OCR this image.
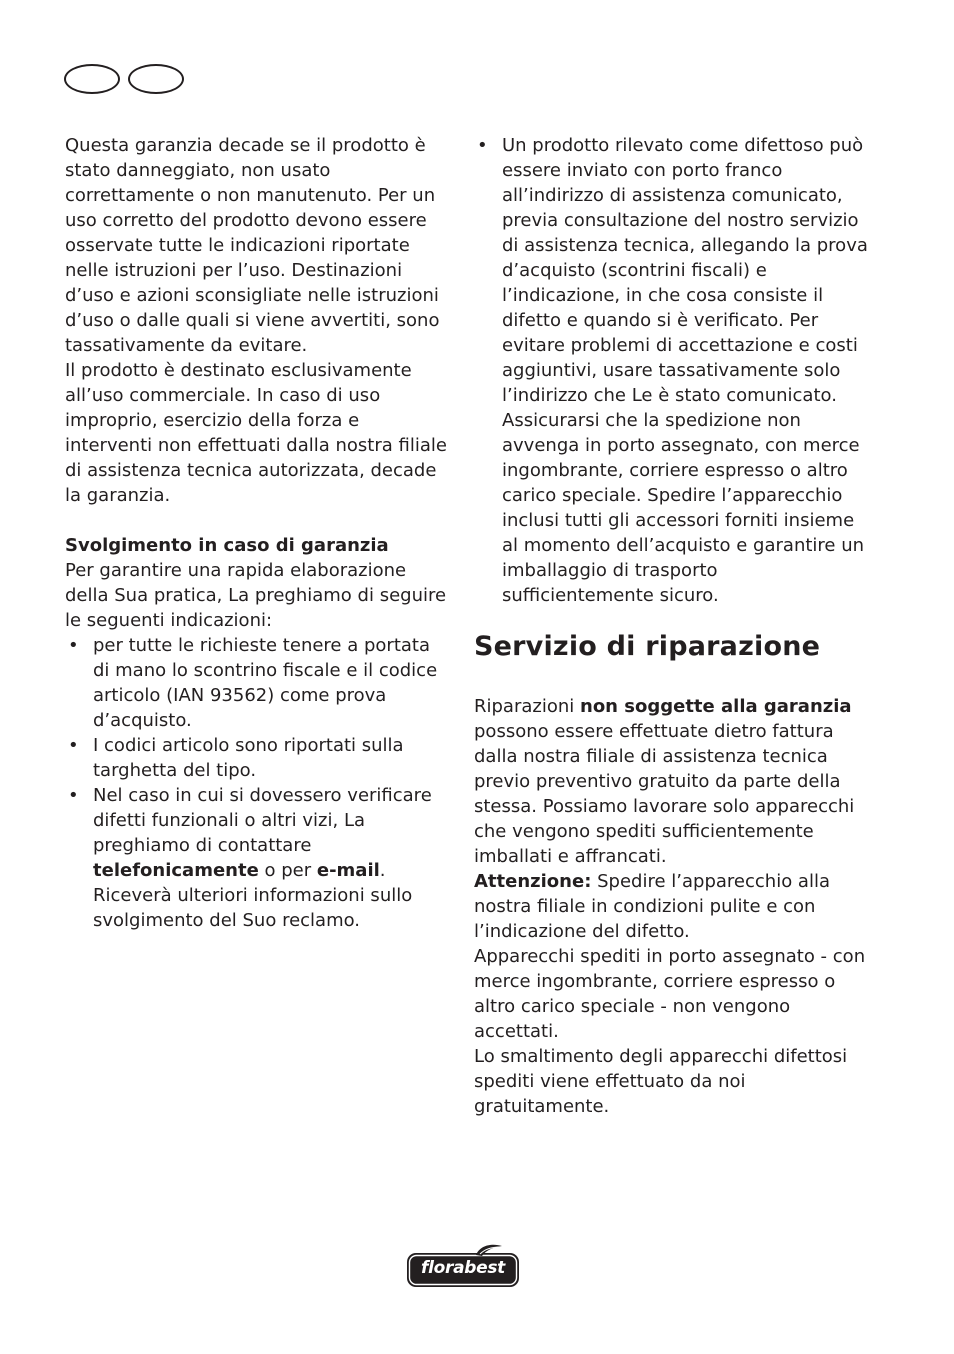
Questa garanzia decade se il prodotto è stato danneggiato, non usato correttamente o non manutenuto. Per un uso corretto del prodotto devono essere osservate tutte le indicazioni riportate nelle istruzioni per l’uso. Destinazioni d’uso e azioni sconsigliate nelle istruzioni d’uso o dalle quali si viene avvertiti, sono tassativamente da evitare.

Il prodotto è destinato esclusivamente all’uso commerciale. In caso di uso improprio, esercizio della forza e interventi non effettuati dalla nostra filiale di assistenza tecnica autorizzata, decade la garanzia.

Svolgimento in caso di garanzia

Per garantire una rapida elaborazione della Sua pratica, La preghiamo di seguire le seguenti indicazioni:

• per tutte le richieste tenere a portata di mano lo scontrino fiscale e il codice articolo (IAN 93562) come prova d’acquisto.
• I codici articolo sono riportati sulla targhetta del tipo.
• Nel caso in cui si dovessero verificare difetti funzionali o altri vizi, La preghiamo di contattare telefonicamente o per e-mail. Riceverà ulteriori informazioni sullo svolgimento del Suo reclamo.
• Un prodotto rilevato come difettoso può essere inviato con porto franco all’indirizzo di assistenza comunicato, previa consultazione del nostro servizio di assistenza tecnica, allegando la prova d’acquisto (scontrini fiscali) e l’indicazione, in che cosa consiste il difetto e quando si è verificato. Per evitare problemi di accettazione e costi aggiuntivi, usare tassativamente solo l’indirizzo che Le è stato comunicato. Assicurarsi che la spedizione non avvenga in porto assegnato, con merce ingombrante, corriere espresso o altro carico speciale. Spedire l’apparecchio inclusi tutti gli accessori forniti insieme al momento dell’acquisto e garantire un imballaggio di trasporto sufficientemente sicuro.
Servizio di riparazione

Riparazioni non soggette alla garanzia possono essere effettuate dietro fattura dalla nostra filiale di assistenza tecnica previo preventivo gratuito da parte della stessa. Possiamo lavorare solo apparecchi che vengono spediti sufficientemente imballati e affrancati.

Attenzione: Spedire l’apparecchio alla nostra filiale in condizioni pulite e con l’indicazione del difetto.

Apparecchi spediti in porto assegnato - con merce ingombrante, corriere espresso o altro carico speciale - non vengono accettati.

Lo smaltimento degli apparecchi difettosi spediti viene effettuato da noi gratuitamente.

florabest
